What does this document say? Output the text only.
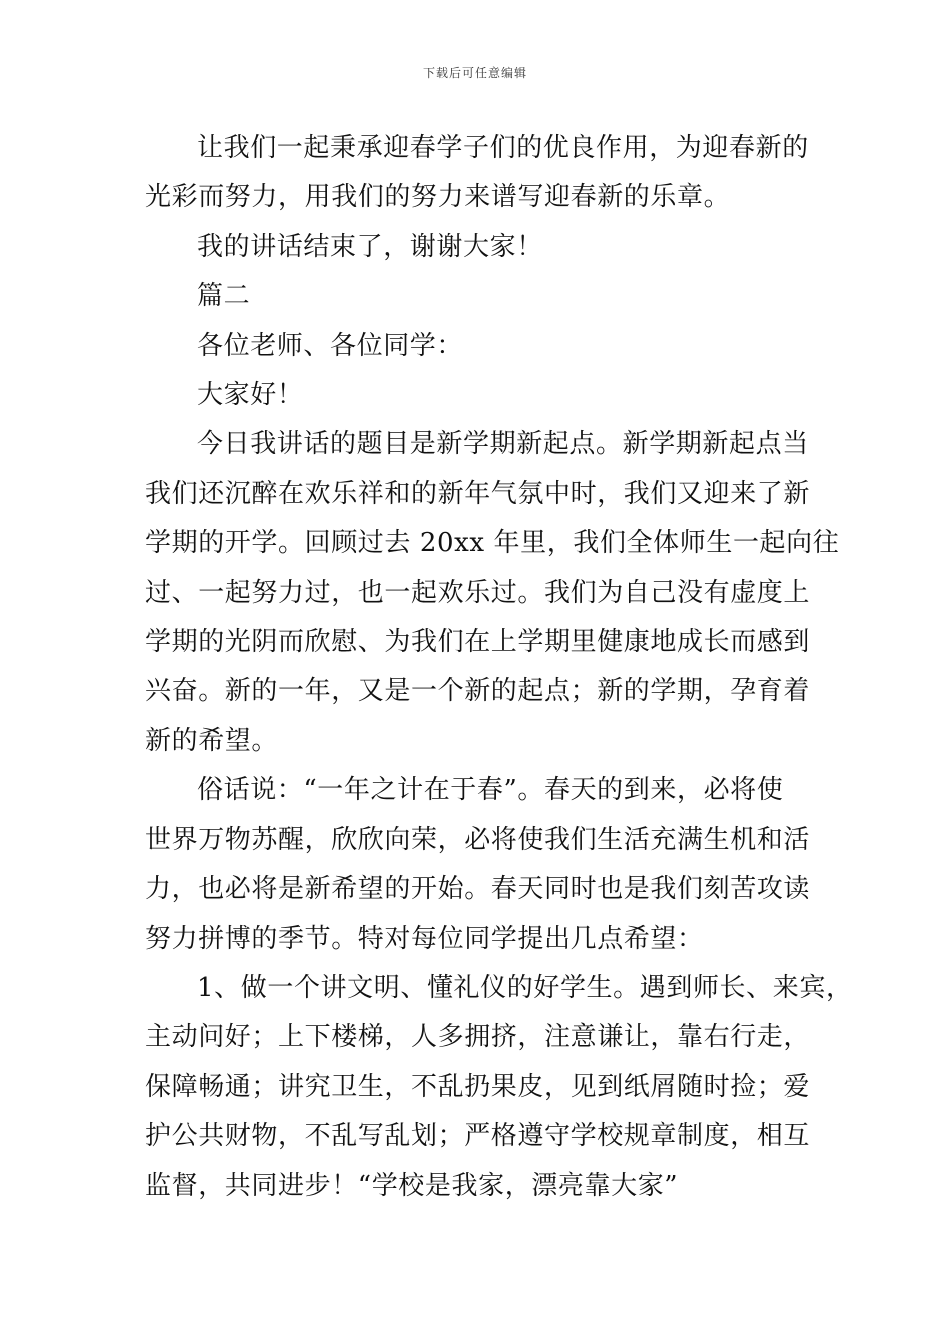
下载后可任意编辑
让我们一起秉承迎春学子们的优良作用，为迎春新的
光彩而努力，用我们的努力来谱写迎春新的乐章。
我的讲话结束了，谢谢大家！
篇二
各位老师、各位同学：
大家好！
今日我讲话的题目是新学期新起点。新学期新起点当
我们还沉醉在欢乐祥和的新年气氛中时，我们又迎来了新
学期的开学。回顾过去 20xx 年里，我们全体师生一起向往
过、一起努力过，也一起欢乐过。我们为自己没有虚度上
学期的光阴而欣慰、为我们在上学期里健康地成长而感到
兴奋。新的一年，又是一个新的起点；新的学期，孕育着
新的希望。
俗话说：“一年之计在于春”。春天的到来，必将使
世界万物苏醒，欣欣向荣，必将使我们生活充满生机和活
力，也必将是新希望的开始。春天同时也是我们刻苦攻读
努力拼博的季节。特对每位同学提出几点希望：
1、做一个讲文明、懂礼仪的好学生。遇到师长、来宾，
主动问好；上下楼梯，人多拥挤，注意谦让，靠右行走，
保障畅通；讲究卫生，不乱扔果皮，见到纸屑随时捡；爱
护公共财物，不乱写乱划；严格遵守学校规章制度，相互
监督，共同进步！“学校是我家，漂亮靠大家”
